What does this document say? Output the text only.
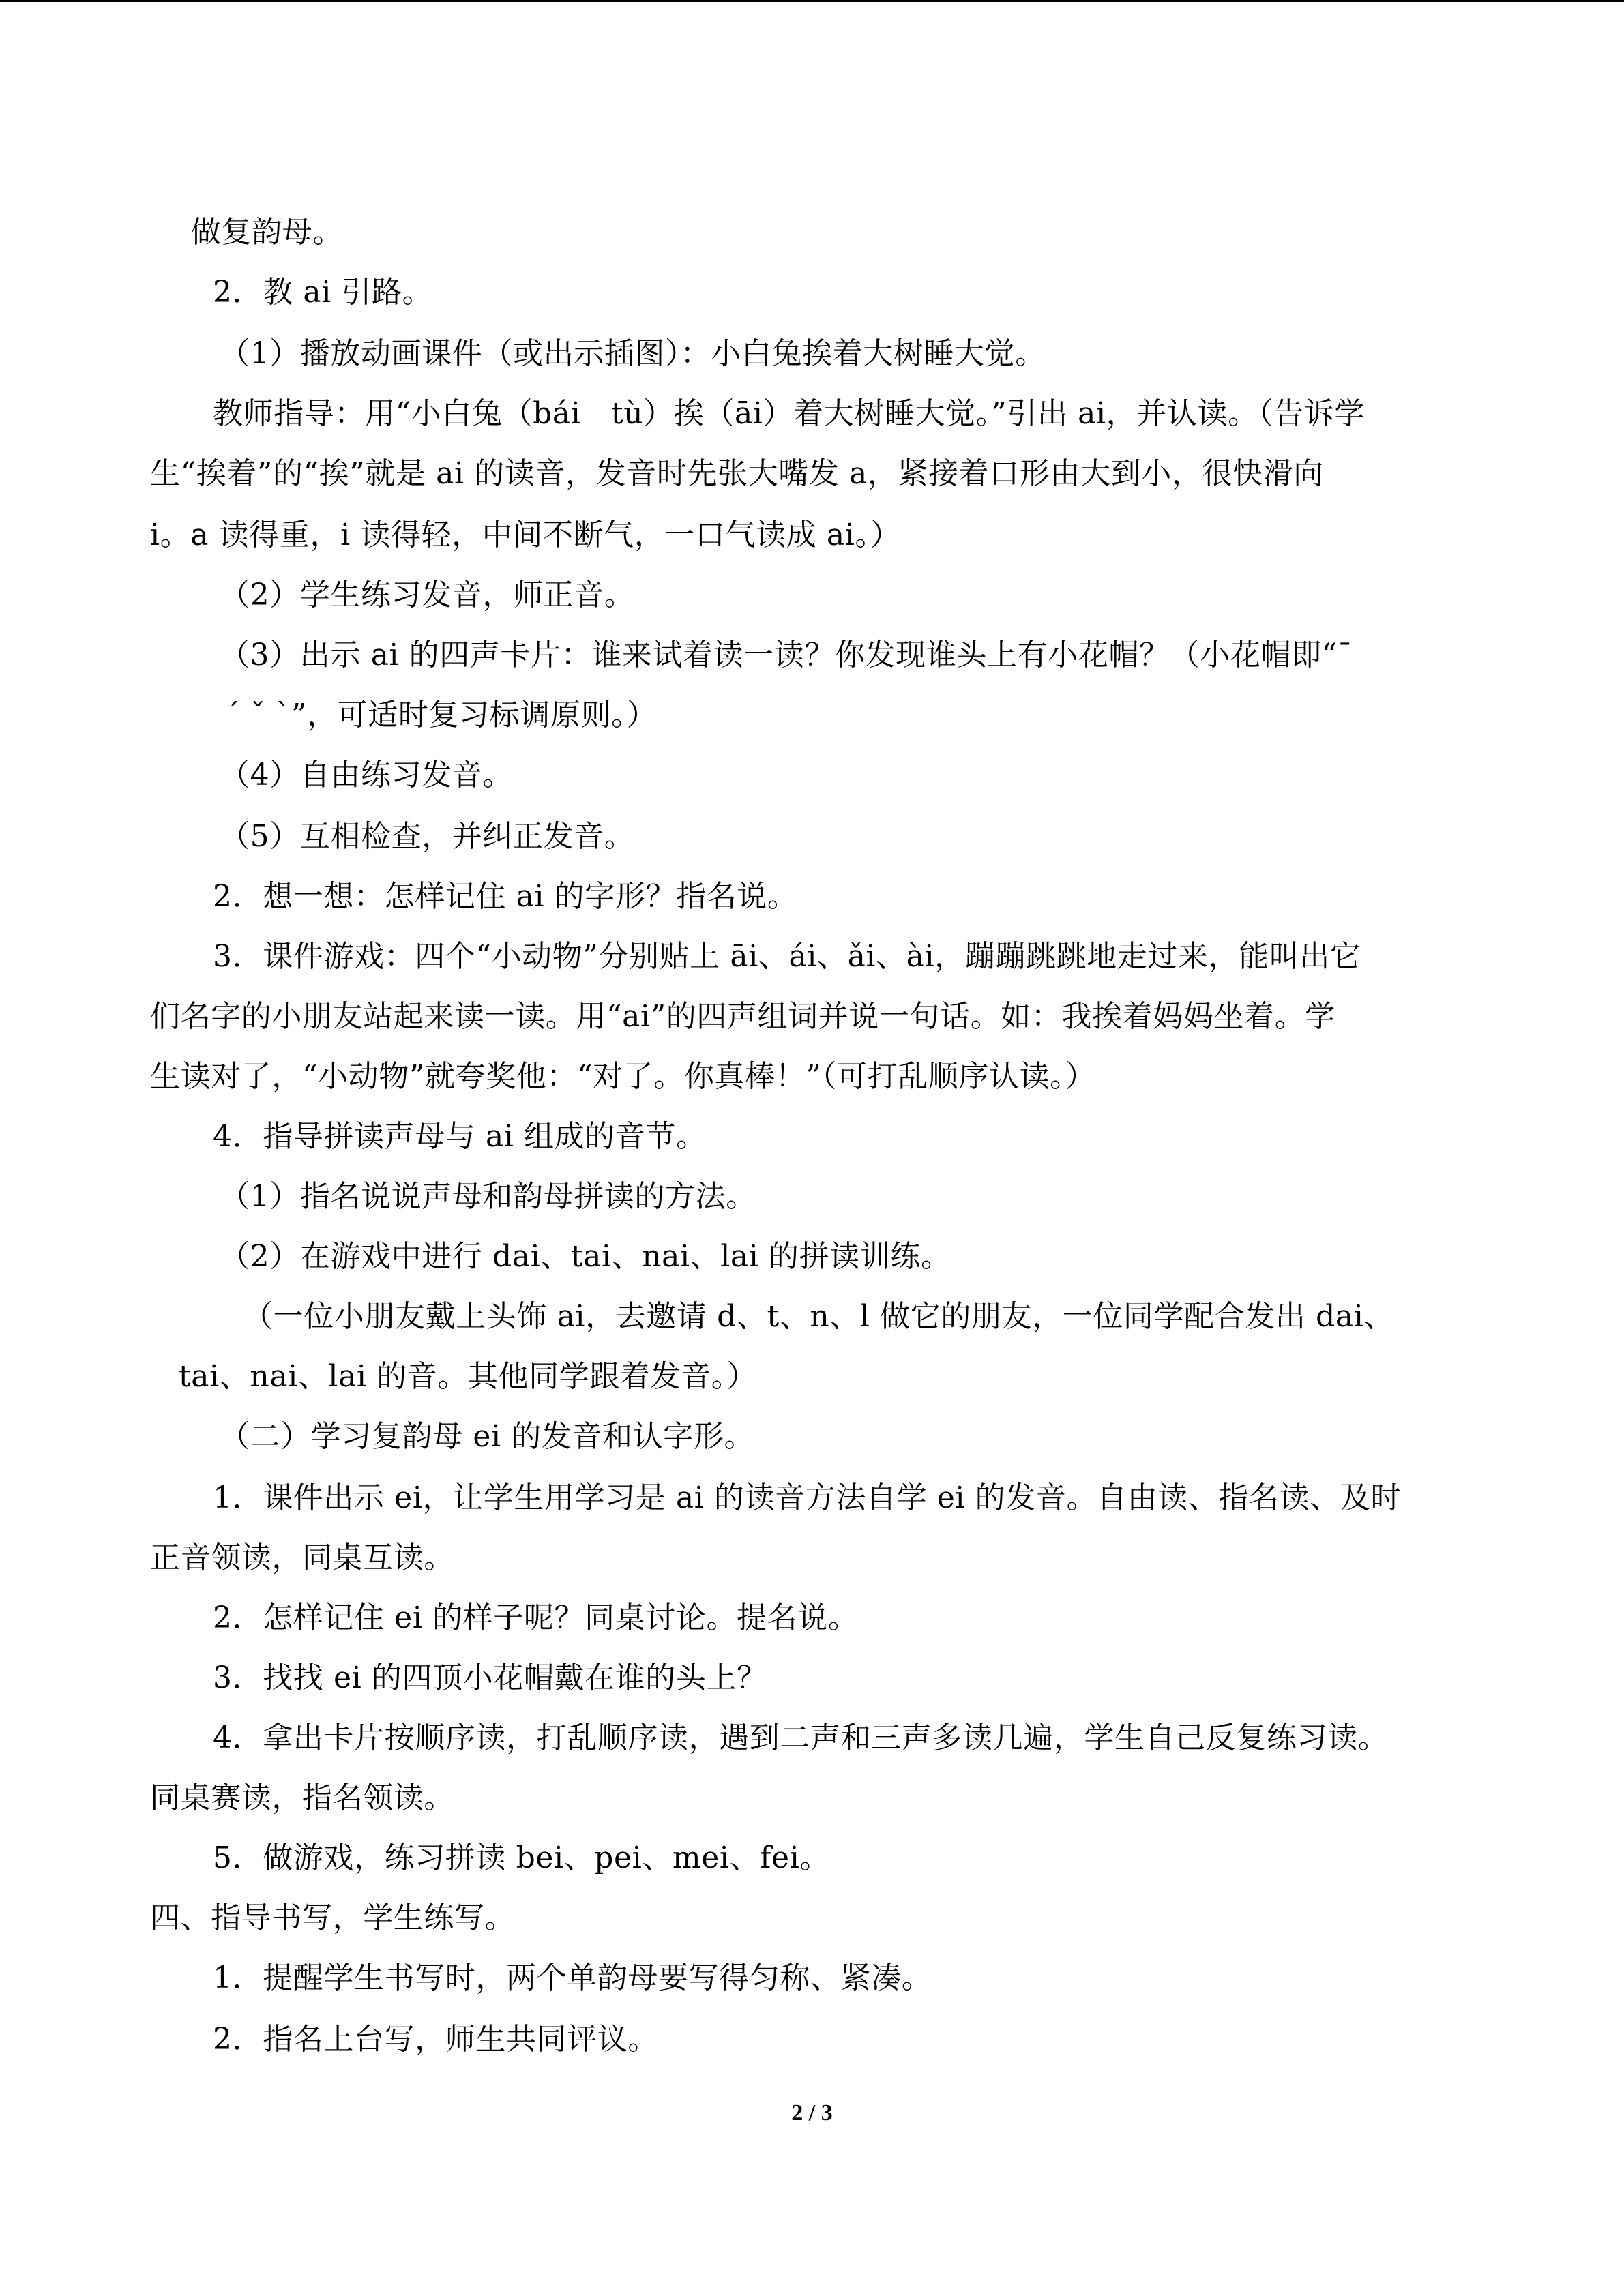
做复韵母。
2．教 ai 引路。
（1）播放动画课件（或出示插图）：小白兔挨着大树睡大觉。
教师指导：用“小白兔（bái　tù）挨（āi）着大树睡大觉。”引出 ai，并认读。（告诉学
生“挨着”的“挨”就是 ai 的读音，发音时先张大嘴发 a，紧接着口形由大到小，很快滑向
i。a 读得重，i 读得轻，中间不断气，一口气读成 ai。）
（2）学生练习发音，师正音。
（3）出示 ai 的四声卡片：谁来试着读一读？你发现谁头上有小花帽？（小花帽即“ˉ
ˊ ˇ ˋ”，可适时复习标调原则。）
（4）自由练习发音。
（5）互相检查，并纠正发音。
2．想一想：怎样记住 ai 的字形？指名说。
3．课件游戏：四个“小动物”分别贴上 āi、ái、ǎi、ài，蹦蹦跳跳地走过来，能叫出它
们名字的小朋友站起来读一读。用“ai”的四声组词并说一句话。如：我挨着妈妈坐着。学
生读对了，“小动物”就夸奖他：“对了。你真棒！”（可打乱顺序认读。）
4．指导拼读声母与 ai 组成的音节。
（1）指名说说声母和韵母拼读的方法。
（2）在游戏中进行 dai、tai、nai、lai 的拼读训练。
（一位小朋友戴上头饰 ai，去邀请 d、t、n、l 做它的朋友，一位同学配合发出 dai、
tai、nai、lai 的音。其他同学跟着发音。）
（二）学习复韵母 ei 的发音和认字形。
1．课件出示 ei，让学生用学习是 ai 的读音方法自学 ei 的发音。自由读、指名读、及时
正音领读，同桌互读。
2．怎样记住 ei 的样子呢？同桌讨论。提名说。
3．找找 ei 的四顶小花帽戴在谁的头上？
4．拿出卡片按顺序读，打乱顺序读，遇到二声和三声多读几遍，学生自己反复练习读。
同桌赛读，指名领读。
5．做游戏，练习拼读 bei、pei、mei、fei。
四、指导书写，学生练写。
1．提醒学生书写时，两个单韵母要写得匀称、紧凑。
2．指名上台写，师生共同评议。
2 / 3
